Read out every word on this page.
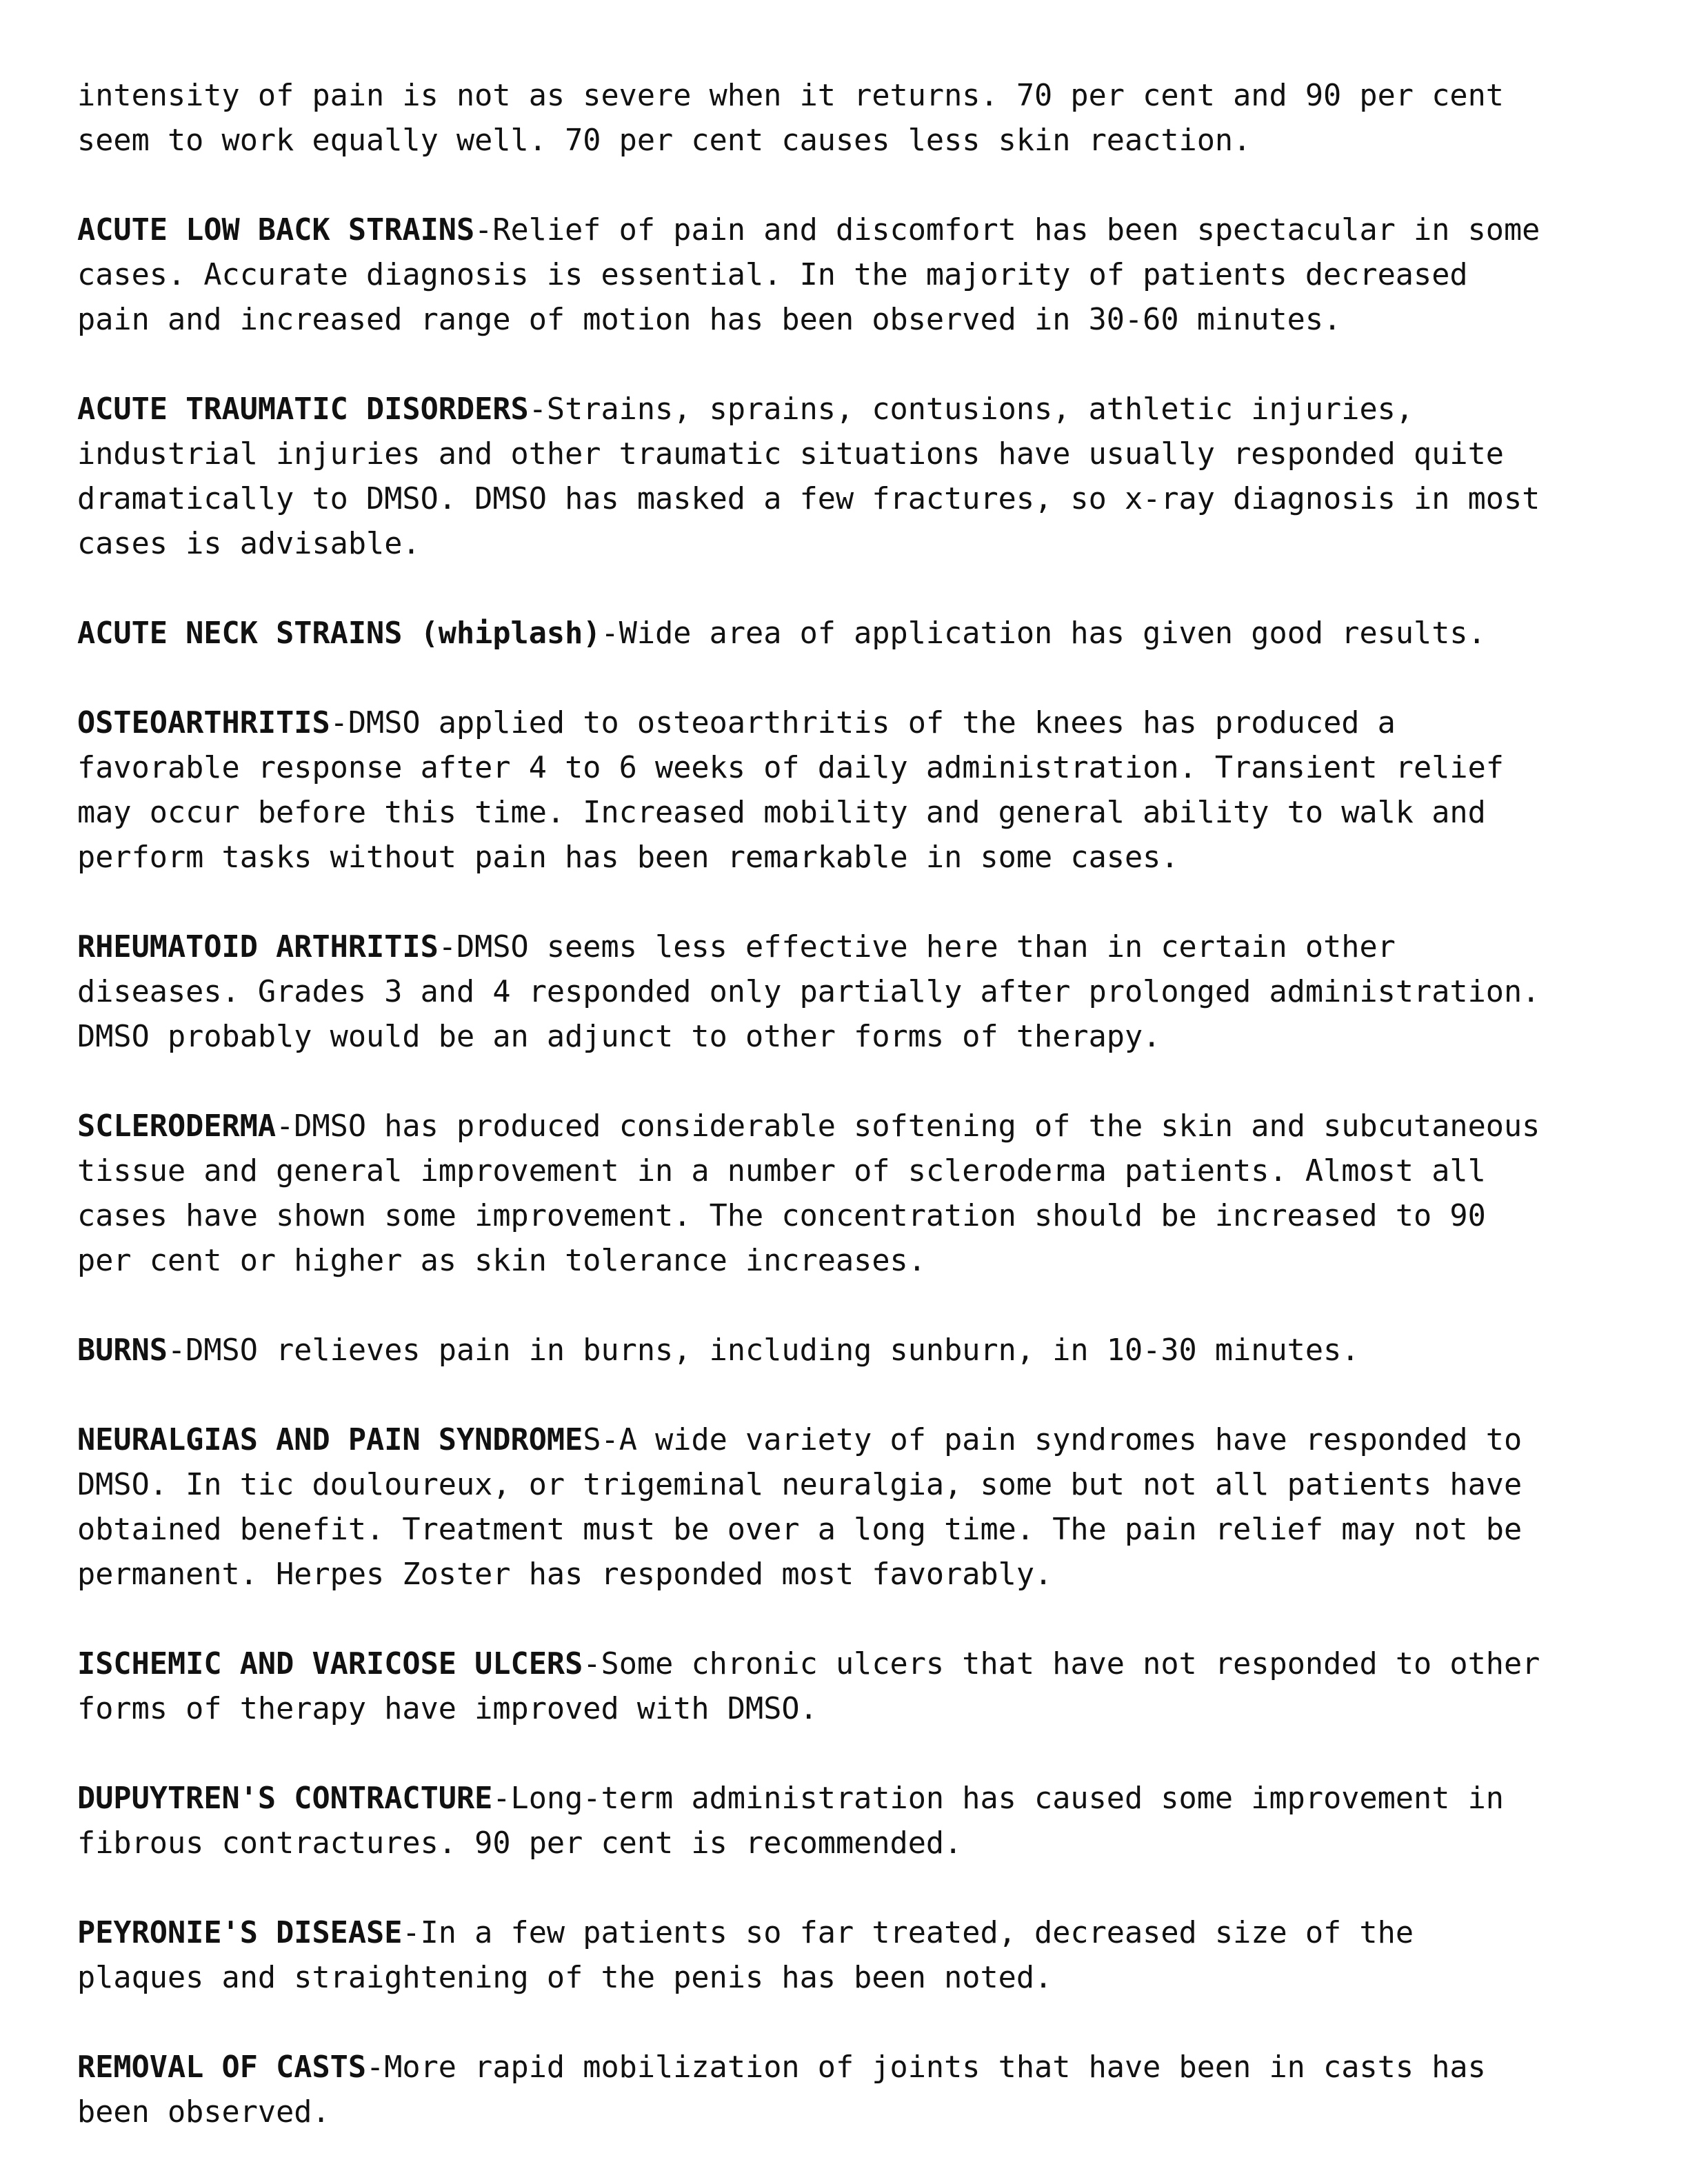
intensity of pain is not as severe when it returns. 70 per cent and 90 per cent
seem to work equally well. 70 per cent causes less skin reaction.

ACUTE LOW BACK STRAINS-Relief of pain and discomfort has been spectacular in some
cases. Accurate diagnosis is essential. In the majority of patients decreased
pain and increased range of motion has been observed in 30-60 minutes.

ACUTE TRAUMATIC DISORDERS-Strains, sprains, contusions, athletic injuries,
industrial injuries and other traumatic situations have usually responded quite
dramatically to DMSO. DMSO has masked a few fractures, so x-ray diagnosis in most
cases is advisable.

ACUTE NECK STRAINS (whiplash)-Wide area of application has given good results.

OSTEOARTHRITIS-DMSO applied to osteoarthritis of the knees has produced a
favorable response after 4 to 6 weeks of daily administration. Transient relief
may occur before this time. Increased mobility and general ability to walk and
perform tasks without pain has been remarkable in some cases.

RHEUMATOID ARTHRITIS-DMSO seems less effective here than in certain other
diseases. Grades 3 and 4 responded only partially after prolonged administration.
DMSO probably would be an adjunct to other forms of therapy.

SCLERODERMA-DMSO has produced considerable softening of the skin and subcutaneous
tissue and general improvement in a number of scleroderma patients. Almost all
cases have shown some improvement. The concentration should be increased to 90
per cent or higher as skin tolerance increases.

BURNS-DMSO relieves pain in burns, including sunburn, in 10-30 minutes.

NEURALGIAS AND PAIN SYNDROMES-A wide variety of pain syndromes have responded to
DMSO. In tic douloureux, or trigeminal neuralgia, some but not all patients have
obtained benefit. Treatment must be over a long time. The pain relief may not be
permanent. Herpes Zoster has responded most favorably.

ISCHEMIC AND VARICOSE ULCERS-Some chronic ulcers that have not responded to other
forms of therapy have improved with DMSO.

DUPUYTREN'S CONTRACTURE-Long-term administration has caused some improvement in
fibrous contractures. 90 per cent is recommended.

PEYRONIE'S DISEASE-In a few patients so far treated, decreased size of the
plaques and straightening of the penis has been noted.

REMOVAL OF CASTS-More rapid mobilization of joints that have been in casts has
been observed.
